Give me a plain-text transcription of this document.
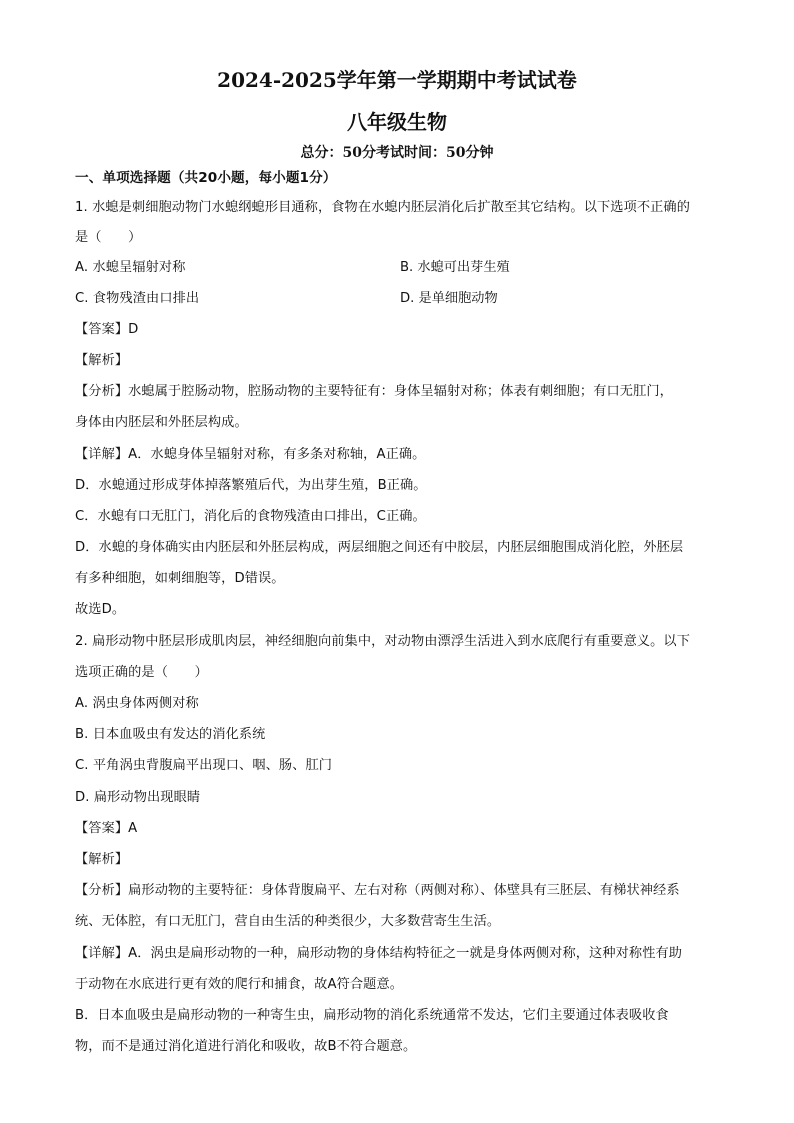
2024-2025学年第一学期期中考试试卷
八年级生物
总分：50分考试时间：50分钟
一、单项选择题（共20小题，每小题1分）
1. 水螅是刺细胞动物门水螅纲螅形目通称，食物在水螅内胚层消化后扩散至其它结构。以下选项不正确的
是（　　）
A. 水螅呈辐射对称	B. 水螅可出芽生殖
C. 食物残渣由口排出	D. 是单细胞动物
【答案】D
【解析】
【分析】水螅属于腔肠动物，腔肠动物的主要特征有：身体呈辐射对称；体表有刺细胞；有口无肛门，
身体由内胚层和外胚层构成。
【详解】A．水螅身体呈辐射对称，有多条对称轴，A正确。
D．水螅通过形成芽体掉落繁殖后代，为出芽生殖，B正确。
C．水螅有口无肛门，消化后的食物残渣由口排出，C正确。
D．水螅的身体确实由内胚层和外胚层构成，两层细胞之间还有中胶层，内胚层细胞围成消化腔，外胚层
有多种细胞，如刺细胞等，D错误。
故选D。
2. 扁形动物中胚层形成肌肉层，神经细胞向前集中，对动物由漂浮生活进入到水底爬行有重要意义。以下
选项正确的是（　　）
A. 涡虫身体两侧对称
B. 日本血吸虫有发达的消化系统
C. 平角涡虫背腹扁平出现口、咽、肠、肛门
D. 扁形动物出现眼睛
【答案】A
【解析】
【分析】扁形动物的主要特征：身体背腹扁平、左右对称（两侧对称）、体壁具有三胚层、有梯状神经系
统、无体腔，有口无肛门，营自由生活的种类很少，大多数营寄生生活。
【详解】A．涡虫是扁形动物的一种，扁形动物的身体结构特征之一就是身体两侧对称，这种对称性有助
于动物在水底进行更有效的爬行和捕食，故A符合题意。
B．日本血吸虫是扁形动物的一种寄生虫，扁形动物的消化系统通常不发达，它们主要通过体表吸收食
物，而不是通过消化道进行消化和吸收，故B不符合题意。
